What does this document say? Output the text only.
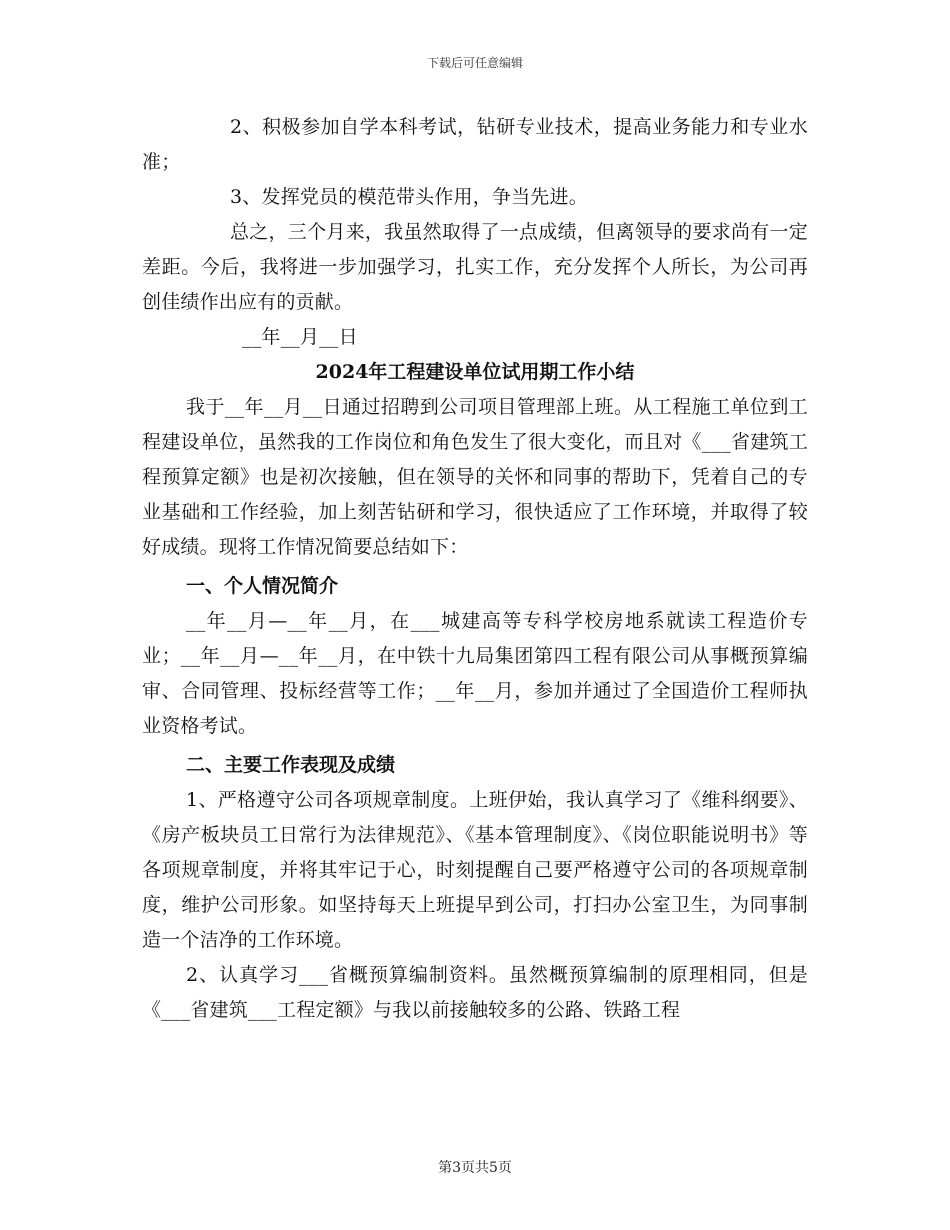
下载后可任意编辑

2、积极参加自学本科考试，钻研专业技术，提高业务能力和专业水准；

3、发挥党员的模范带头作用，争当先进。

总之，三个月来，我虽然取得了一点成绩，但离领导的要求尚有一定差距。今后，我将进一步加强学习，扎实工作，充分发挥个人所长，为公司再创佳绩作出应有的贡献。

__年__月__日

2024年工程建设单位试用期工作小结

我于__年__月__日通过招聘到公司项目管理部上班。从工程施工单位到工程建设单位，虽然我的工作岗位和角色发生了很大变化，而且对《___省建筑工程预算定额》也是初次接触，但在领导的关怀和同事的帮助下，凭着自己的专业基础和工作经验，加上刻苦钻研和学习，很快适应了工作环境，并取得了较好成绩。现将工作情况简要总结如下：

一、个人情况简介

__年__月—__年__月，在___城建高等专科学校房地系就读工程造价专业；__年__月—__年__月，在中铁十九局集团第四工程有限公司从事概预算编审、合同管理、投标经营等工作；__年__月，参加并通过了全国造价工程师执业资格考试。

二、主要工作表现及成绩

1、严格遵守公司各项规章制度。上班伊始，我认真学习了《维科纲要》、《房产板块员工日常行为法律规范》、《基本管理制度》、《岗位职能说明书》等各项规章制度，并将其牢记于心，时刻提醒自己要严格遵守公司的各项规章制度，维护公司形象。如坚持每天上班提早到公司，打扫办公室卫生，为同事制造一个洁净的工作环境。

2、认真学习___省概预算编制资料。虽然概预算编制的原理相同，但是《___省建筑___工程定额》与我以前接触较多的公路、铁路工程

第3页共5页
